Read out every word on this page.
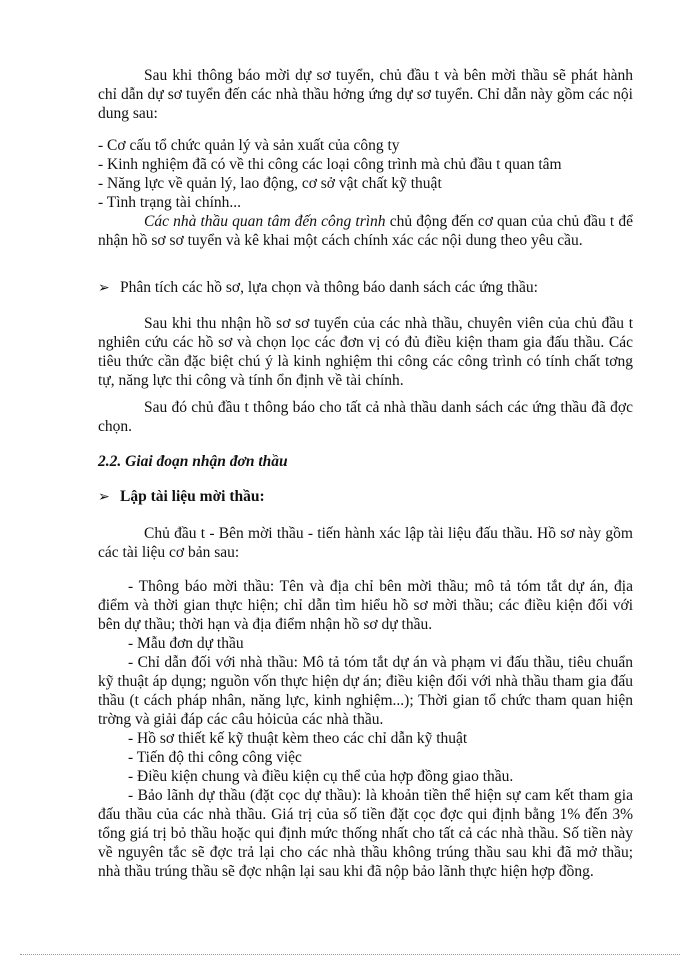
Sau khi thông báo mời dự sơ tuyển, chủ đầu t và bên mời thầu sẽ phát hành chỉ dẫn dự sơ tuyển đến các nhà thầu hởng ứng dự sơ tuyển. Chỉ dẫn này gồm các nội dung sau:

- Cơ cấu tổ chức quản lý và sản xuất của công ty

- Kinh nghiệm đã có về thi công các loại công trình mà chủ đầu t quan tâm

- Năng lực về quản lý, lao động, cơ sở vật chất kỹ thuật

- Tình trạng tài chính...

Các nhà thầu quan tâm đến công trình chủ động đến cơ quan của chủ đầu t để nhận hồ sơ sơ tuyển và kê khai một cách chính xác các nội dung theo yêu cầu.

➢ Phân tích các hồ sơ, lựa chọn và thông báo danh sách các ứng thầu:

Sau khi thu nhận hồ sơ sơ tuyển của các nhà thầu, chuyên viên của chủ đầu t nghiên cứu các hồ sơ và chọn lọc các đơn vị có đủ điều kiện tham gia đấu thầu. Các tiêu thức cần đặc biệt chú ý là kinh nghiệm thi công các công trình có tính chất tơng tự, năng lực thi công và tính ổn định về tài chính.

Sau đó chủ đầu t thông báo cho tất cả nhà thầu danh sách các ứng thầu đã đợc chọn.

2.2. Giai đoạn nhận đơn thầu

➢ Lập tài liệu mời thầu:

Chủ đầu t - Bên mời thầu - tiến hành xác lập tài liệu đấu thầu. Hồ sơ này gồm các tài liệu cơ bản sau:

- Thông báo mời thầu: Tên và địa chỉ bên mời thầu; mô tả tóm tắt dự án, địa điểm và thời gian thực hiện; chỉ dẫn tìm hiểu hồ sơ mời thầu; các điều kiện đối với bên dự thầu; thời hạn và địa điểm nhận hồ sơ dự thầu.

- Mẫu đơn dự thầu

- Chỉ dẫn đối với nhà thầu: Mô tả tóm tắt dự án và phạm vi đấu thầu, tiêu chuẩn kỹ thuật áp dụng; nguồn vốn thực hiện dự án; điều kiện đối với nhà thầu tham gia đấu thầu (t cách pháp nhân, năng lực, kinh nghiệm...); Thời gian tổ chức tham quan hiện trờng và giải đáp các câu hỏicủa các nhà thầu.

- Hồ sơ thiết kế kỹ thuật kèm theo các chỉ dẫn kỹ thuật

- Tiến độ thi công công việc

- Điều kiện chung và điều kiện cụ thể của hợp đồng giao thầu.

- Bảo lãnh dự thầu (đặt cọc dự thầu): là khoản tiền thể hiện sự cam kết tham gia đấu thầu của các nhà thầu. Giá trị của số tiền đặt cọc đợc qui định bằng 1% đến 3% tổng giá trị bỏ thầu hoặc qui định mức thống nhất cho tất cả các nhà thầu. Số tiền này về nguyên tắc sẽ đợc trả lại cho các nhà thầu không trúng thầu sau khi đã mở thầu; nhà thầu trúng thầu sẽ đợc nhận lại sau khi đã nộp bảo lãnh thực hiện hợp đồng.
